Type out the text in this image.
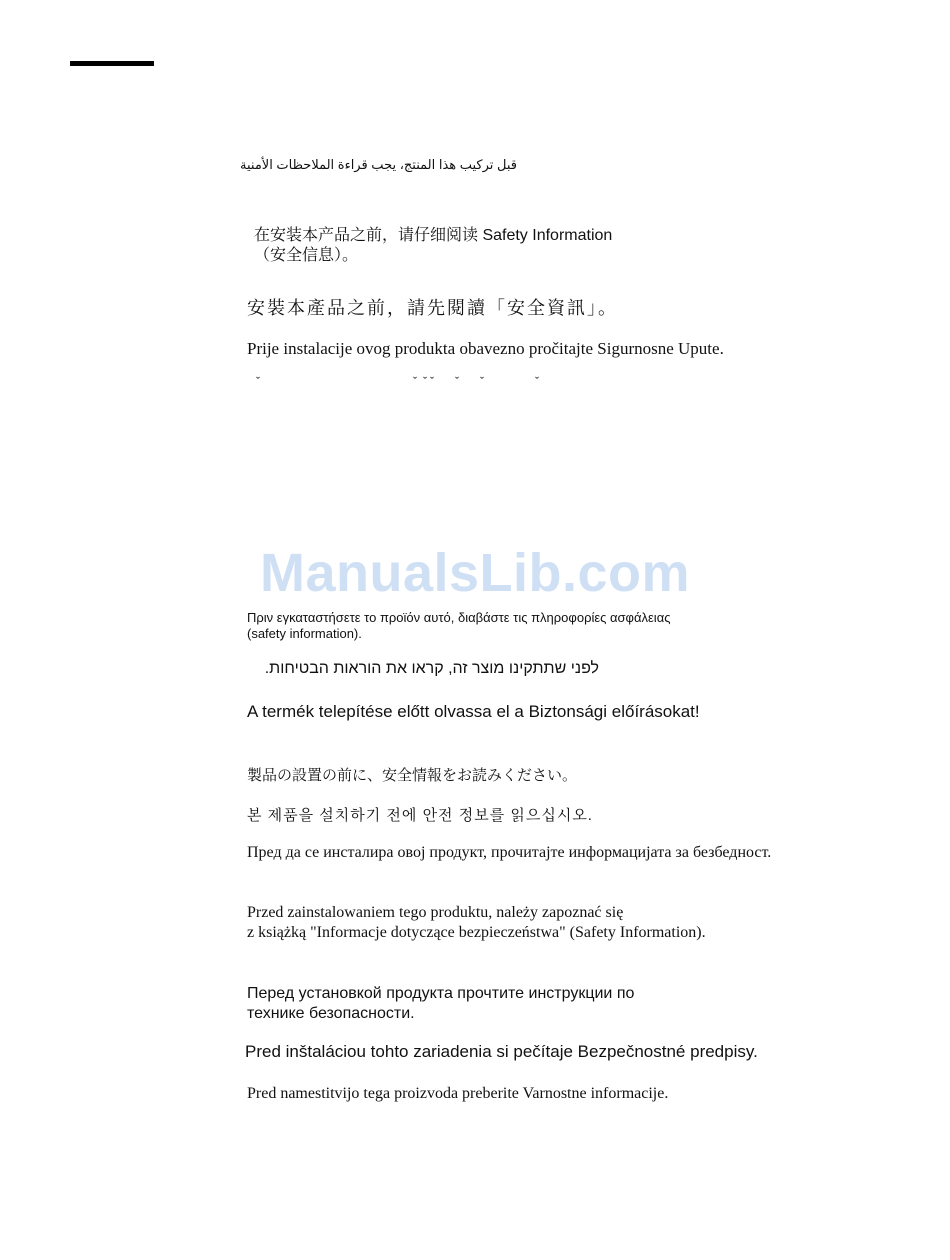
قبل تركيب هذا المنتج، يجب قراءة الملاحظات الأمنية

在安装本产品之前，请仔细阅读 Safety Information
（安全信息）。

安裝本產品之前，請先閱讀「安全資訊」。

Prije instalacije ovog produkta obavezno pročitajte Sigurnosne Upute.

ˇ                                                   ˇ  ˇ ˇ       ˇ       ˇ                 ˇ

ManualsLib.com
Πριν εγκαταστήσετε το προϊόν αυτό, διαβάστε τις πληροφορίες ασφάλειας
(safety information).

לפני שתתקינו מוצר זה, קראו את הוראות הבטיחות.

A termék telepítése előtt olvassa el a Biztonsági előírásokat!

製品の設置の前に、安全情報をお読みください。

본 제품을 설치하기 전에 안전 정보를 읽으십시오.

Пред да се инсталира овој продукт, прочитајте информацијата за безбедност.

Przed zainstalowaniem tego produktu, należy zapoznać się
z książką "Informacje dotyczące bezpieczeństwa" (Safety Information).
Перед установкой продукта прочтите инструкции по
технике безопасности.

Pred inštaláciou tohto zariadenia si pečítaje Bezpečnostné predpisy.

Pred namestitvijo tega proizvoda preberite Varnostne informacije.
